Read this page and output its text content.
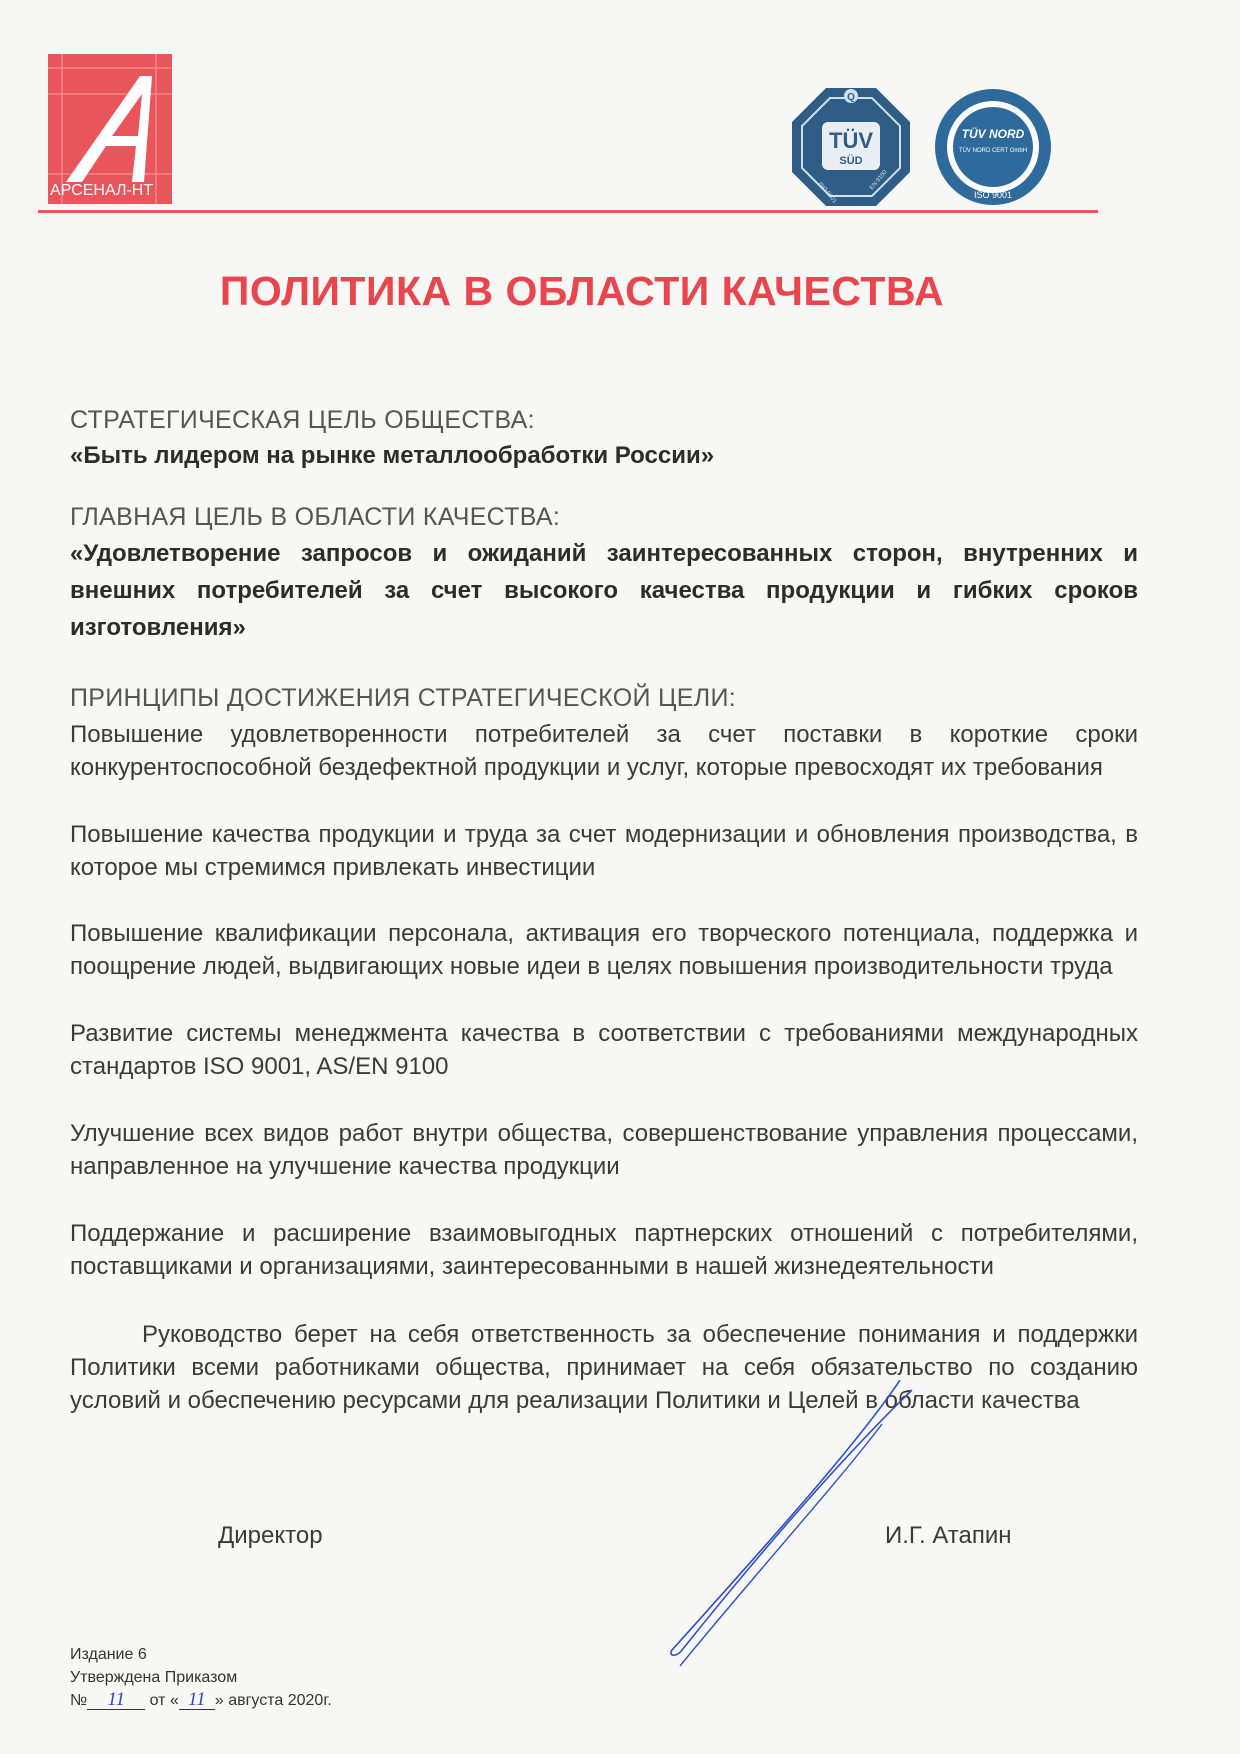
АРСЕНАЛ-НТ
Q
TÜV
SÜD
ISO 9001
EN 9100
TÜV NORD
TÜV NORD CERT GmbH
ISO 9001
ПОЛИТИКА В ОБЛАСТИ КАЧЕСТВА
СТРАТЕГИЧЕСКАЯ ЦЕЛЬ ОБЩЕСТВА:
«Быть лидером на рынке металлообработки России»
ГЛАВНАЯ ЦЕЛЬ В ОБЛАСТИ КАЧЕСТВА:
«Удовлетворение запросов и ожиданий заинтересованных сторон, внутренних и внешних потребителей за счет высокого качества продукции и гибких сроков изготовления»
ПРИНЦИПЫ ДОСТИЖЕНИЯ СТРАТЕГИЧЕСКОЙ ЦЕЛИ:
Повышение удовлетворенности потребителей за счет поставки в короткие сроки конкурентоспособной бездефектной продукции и услуг, которые превосходят их требования
Повышение качества продукции и труда за счет модернизации и обновления производства, в которое мы стремимся привлекать инвестиции
Повышение квалификации персонала, активация его творческого потенциала, поддержка и поощрение людей, выдвигающих новые идеи в целях повышения производительности труда
Развитие системы менеджмента качества в соответствии с требованиями международных стандартов ISO 9001, AS/EN 9100
Улучшение всех видов работ внутри общества, совершенствование управления процессами, направленное на улучшение качества продукции
Поддержание и расширение взаимовыгодных партнерских отношений с потребителями, поставщиками и организациями, заинтересованными в нашей жизнедеятельности
Руководство берет на себя ответственность за обеспечение понимания и поддержки Политики всеми работниками общества, принимает на себя обязательство по созданию условий и обеспечению ресурсами для реализации Политики и Целей в области качества
Директор	И.Г. Атапин
Издание 6
Утверждена Приказом
№ 11 от « 11 » августа 2020г.
